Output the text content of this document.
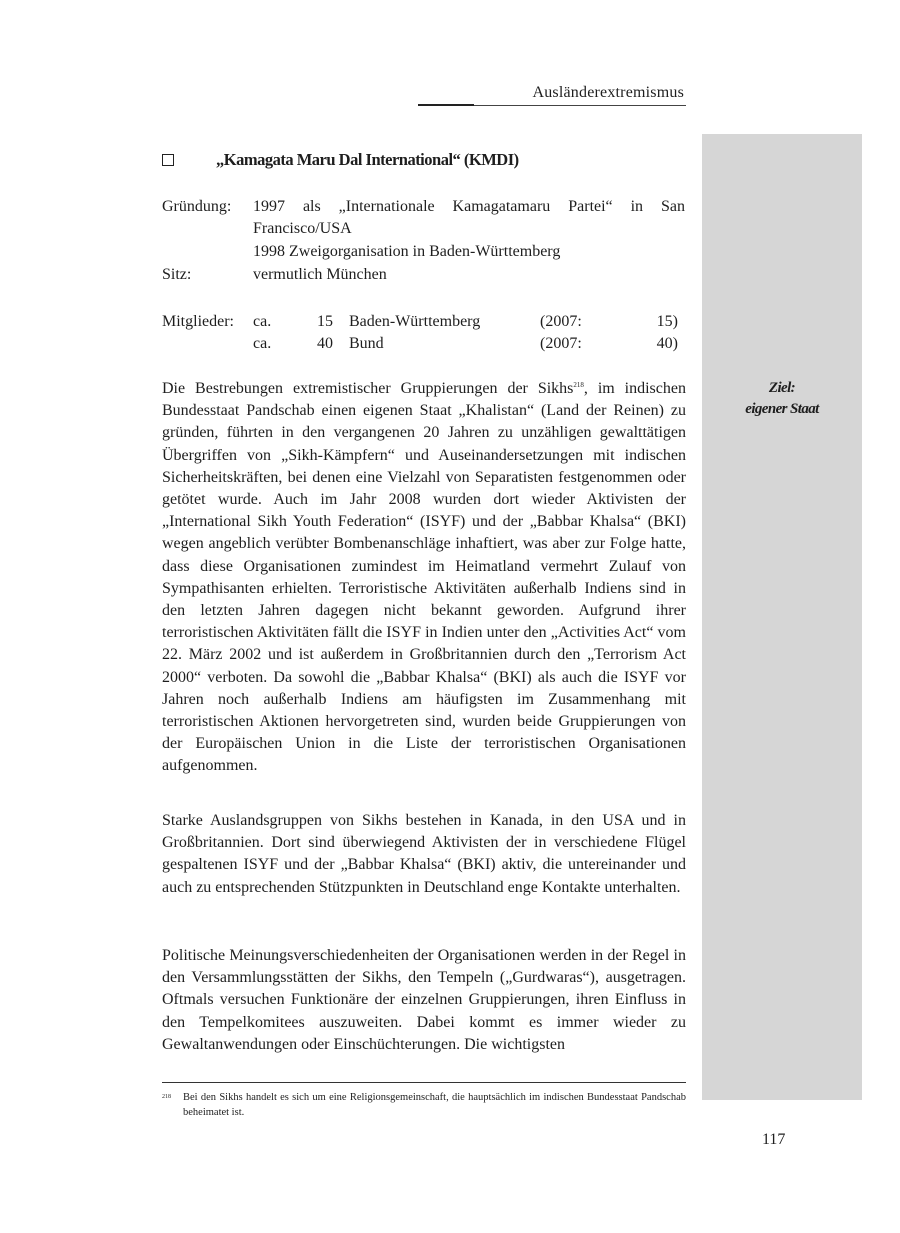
Ausländerextremismus
Ziel:
eigener Staat
„Kamagata Maru Dal International“ (KMDI)
Gründung: 1997 als „Internationale Kamagatamaru Partei“ in San
Francisco/USA
1998 Zweigorganisation in Baden-Württemberg
Sitz:	vermutlich München
Mitglieder: ca.	15 Baden-Württemberg	(2007:	15)
ca.	40 Bund	(2007:	40)

Die Bestrebungen extremistischer Gruppierungen der Sikhs$^{218}$, im indischen Bundesstaat Pandschab einen eigenen Staat „Khalistan“ (Land der Reinen) zu gründen, führten in den vergangenen 20 Jahren zu unzähligen gewalttätigen Übergriffen von „Sikh-Kämpfern“ und Auseinandersetzungen mit indischen Sicherheitskräften, bei denen eine Vielzahl von Separatisten festgenommen oder getötet wurde. Auch im Jahr 2008 wurden dort wieder Aktivisten der „International Sikh Youth Federation“ (ISYF) und der „Babbar Khalsa“ (BKI) wegen angeblich verübter Bombenanschläge inhaftiert, was aber zur Folge hatte, dass diese Organisationen zumindest im Heimatland vermehrt Zulauf von Sympathisanten erhielten. Terroristische Aktivitäten außerhalb Indiens sind in den letzten Jahren dagegen nicht bekannt geworden. Aufgrund ihrer terroristischen Aktivitäten fällt die ISYF in Indien unter den „Activities Act“ vom 22. März 2002 und ist außerdem in Großbritannien durch den „Terrorism Act 2000“ verboten. Da sowohl die „Babbar Khalsa“ (BKI) als auch die ISYF vor Jahren noch außerhalb Indiens am häufigsten im Zusammenhang mit terroristischen Aktionen hervorgetreten sind, wurden beide Gruppierungen von der Europäischen Union in die Liste der terroristischen Organisationen aufgenommen.

Starke Auslandsgruppen von Sikhs bestehen in Kanada, in den USA und in Großbritannien. Dort sind überwiegend Aktivisten der in verschiedene Flügel gespaltenen ISYF und der „Babbar Khalsa“ (BKI) aktiv, die untereinander und auch zu entsprechenden Stützpunkten in Deutschland enge Kontakte unterhalten.

Politische Meinungsverschiedenheiten der Organisationen werden in der Regel in den Versammlungsstätten der Sikhs, den Tempeln („Gurdwaras“), ausgetragen. Oftmals versuchen Funktionäre der einzelnen Gruppierungen, ihren Einfluss in den Tempelkomitees auszuweiten. Dabei kommt es immer wieder zu Gewaltanwendungen oder Einschüchterungen. Die wichtigsten

218 Bei den Sikhs handelt es sich um eine Religionsgemeinschaft, die hauptsächlich im indischen Bundesstaat Pandschab beheimatet ist.
117
